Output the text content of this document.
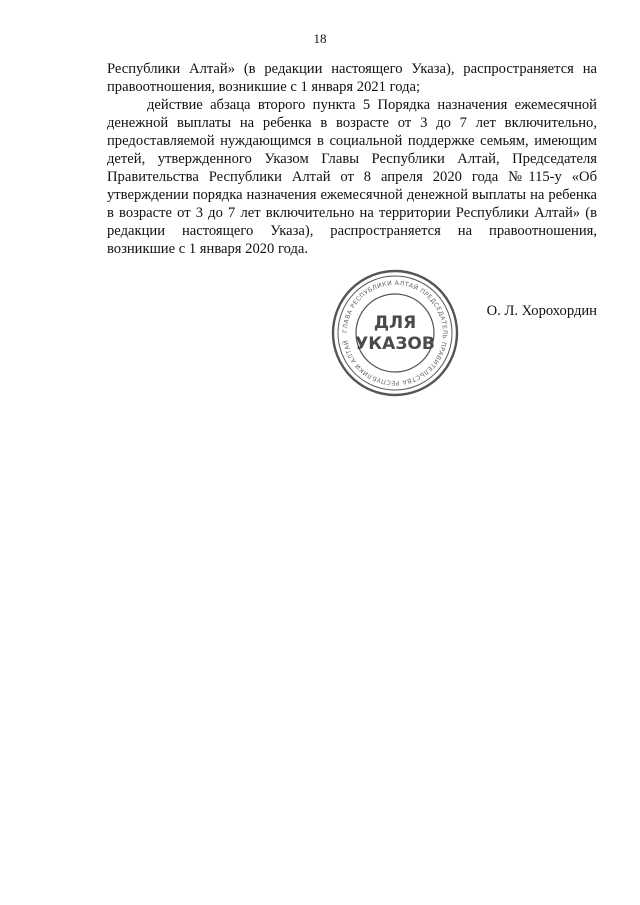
18

Республики Алтай» (в редакции настоящего Указа), распространяется на правоотношения, возникшие с 1 января 2021 года;

действие абзаца второго пункта 5 Порядка назначения ежемесячной денежной выплаты на ребенка в возрасте от 3 до 7 лет включительно, предоставляемой нуждающимся в социальной поддержке семьям, имеющим детей, утвержденного Указом Главы Республики Алтай, Председателя Правительства Республики Алтай от 8 апреля 2020 года №115-у «Об утверждении порядка назначения ежемесячной денежной выплаты на ребенка в возрасте от 3 до 7 лет включительно на территории Республики Алтай» (в редакции настоящего Указа), распространяется на правоотношения, возникшие с 1 января 2020 года.

ГЛАВА РЕСПУБЛИКИ АЛТАЙ ПРЕДСЕДАТЕЛЬ ПРАВИТЕЛЬСТВА РЕСПУБЛИКИ АЛТАЙ
ДЛЯ
УКАЗОВ
О. Л. Хорохордин
